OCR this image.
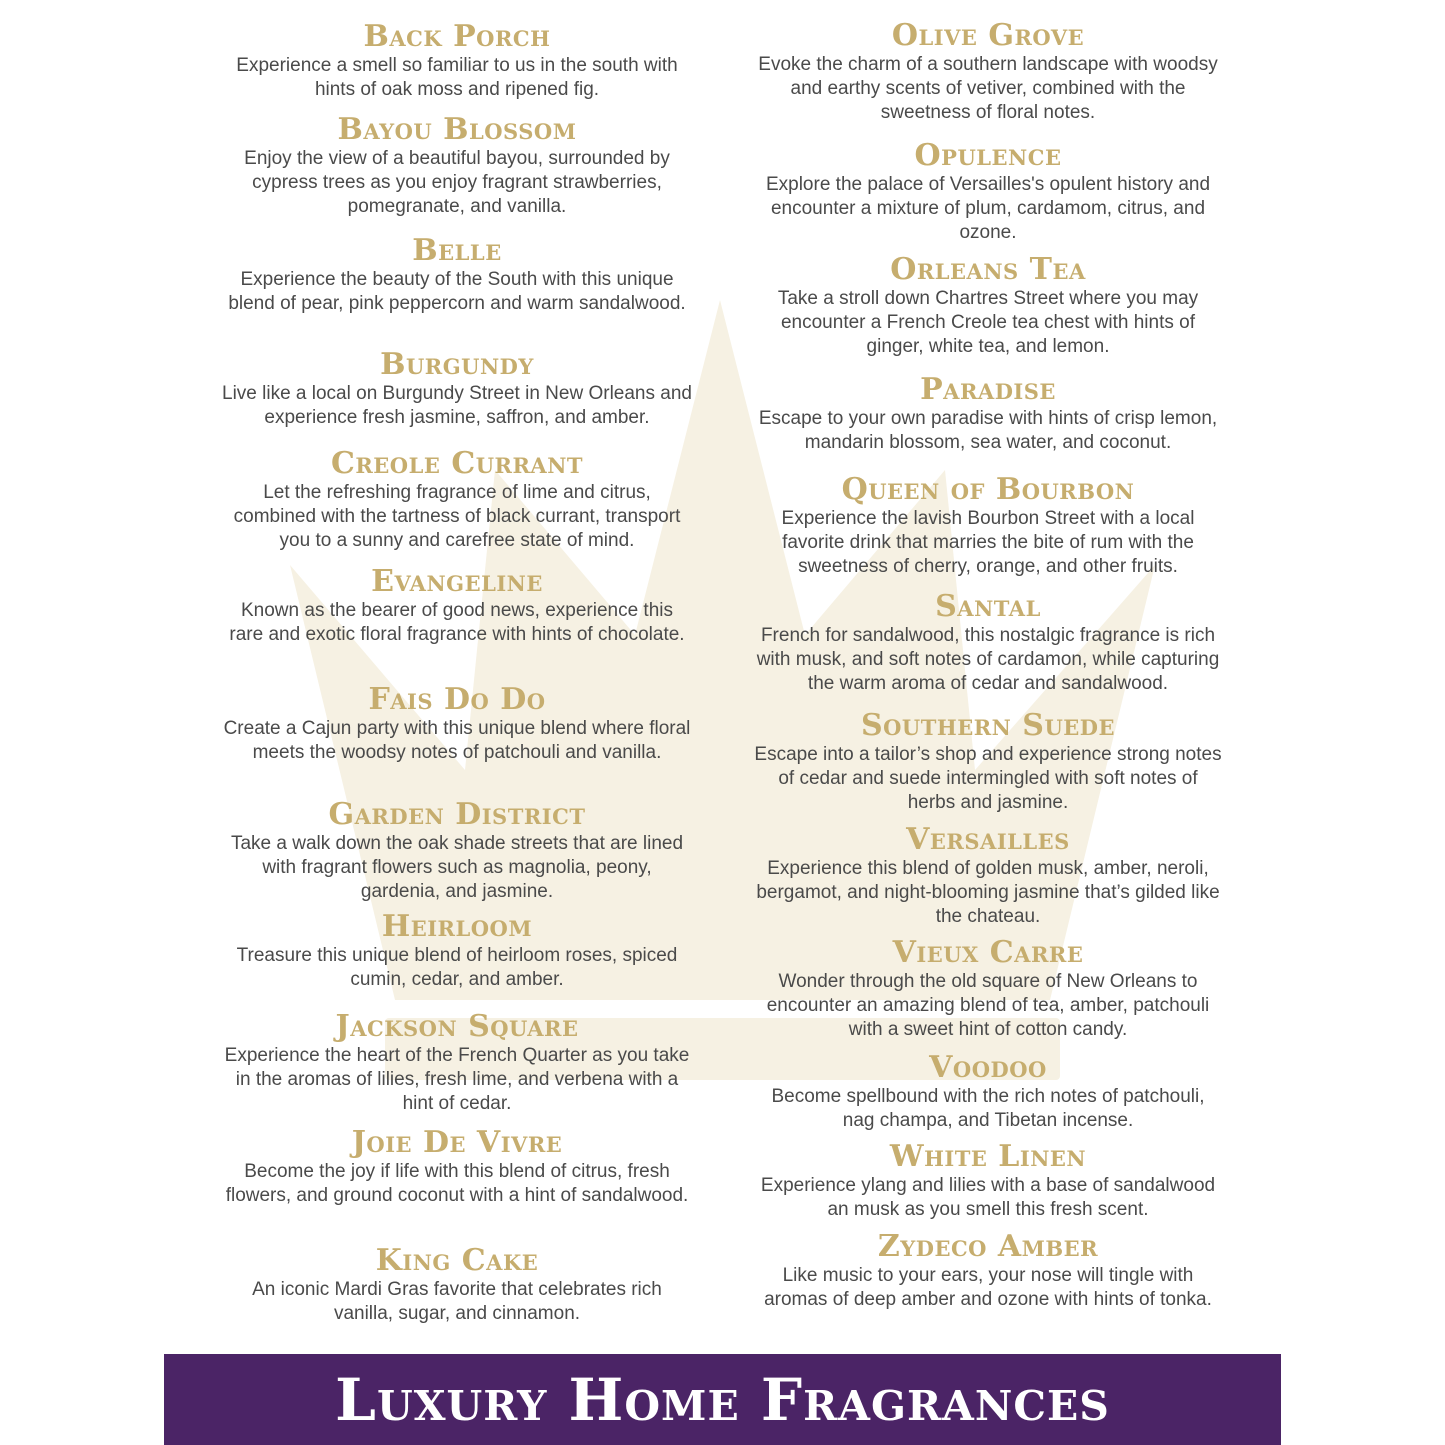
Back Porch
Experience a smell so familiar to us in the south with hints of oak moss and ripened fig.
Bayou Blossom
Enjoy the view of a beautiful bayou, surrounded by cypress trees as you enjoy fragrant strawberries, pomegranate, and vanilla.
Belle
Experience the beauty of the South with this unique blend of pear, pink peppercorn and warm sandalwood.
Burgundy
Live like a local on Burgundy Street in New Orleans and experience fresh jasmine, saffron, and amber.
Creole Currant
Let the refreshing fragrance of lime and citrus, combined with the tartness of black currant, transport you to a sunny and carefree state of mind.
Evangeline
Known as the bearer of good news, experience this rare and exotic floral fragrance with hints of chocolate.
Fais Do Do
Create a Cajun party with this unique blend where floral meets the woodsy notes of patchouli and vanilla.
Garden District
Take a walk down the oak shade streets that are lined with fragrant flowers such as magnolia, peony, gardenia, and jasmine.
Heirloom
Treasure this unique blend of heirloom roses, spiced cumin, cedar, and amber.
Jackson Square
Experience the heart of the French Quarter as you take in the aromas of lilies, fresh lime, and verbena with a hint of cedar.
Joie De Vivre
Become the joy if life with this blend of citrus, fresh flowers, and ground coconut with a hint of sandalwood.
King Cake
An iconic Mardi Gras favorite that celebrates rich vanilla, sugar, and cinnamon.
Olive Grove
Evoke the charm of a southern landscape with woodsy and earthy scents of vetiver, combined with the sweetness of floral notes.
Opulence
Explore the palace of Versailles's opulent history and encounter a mixture of plum, cardamom, citrus, and ozone.
Orleans Tea
Take a stroll down Chartres Street where you may encounter a French Creole tea chest with hints of ginger, white tea, and lemon.
Paradise
Escape to your own paradise with hints of crisp lemon, mandarin blossom, sea water, and coconut.
Queen of Bourbon
Experience the lavish Bourbon Street with a local favorite drink that marries the bite of rum with the sweetness of cherry, orange, and other fruits.
Santal
French for sandalwood, this nostalgic fragrance is rich with musk, and soft notes of cardamon, while capturing the warm aroma of cedar and sandalwood.
Southern Suede
Escape into a tailor’s shop and experience strong notes of cedar and suede intermingled with soft notes of herbs and jasmine.
Versailles
Experience this blend of golden musk, amber, neroli, bergamot, and night-blooming jasmine that’s gilded like the chateau.
Vieux Carre
Wonder through the old square of New Orleans to encounter an amazing blend of tea, amber, patchouli with a sweet hint of cotton candy.
Voodoo
Become spellbound with the rich notes of patchouli, nag champa, and Tibetan incense.
White Linen
Experience ylang and lilies with a base of sandalwood an musk as you smell this fresh scent.
Zydeco Amber
Like music to your ears, your nose will tingle with aromas of deep amber and ozone with hints of tonka.
Luxury Home Fragrances
